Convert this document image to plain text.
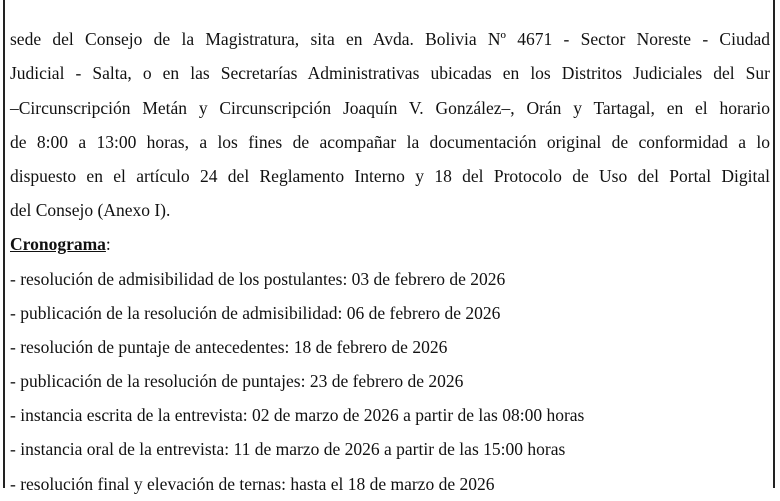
sede del Consejo de la Magistratura, sita en Avda. Bolivia Nº 4671 - Sector Noreste - Ciudad
Judicial - Salta, o en las Secretarías Administrativas ubicadas en los Distritos Judiciales del Sur
–Circunscripción Metán y Circunscripción Joaquín V. González–, Orán y Tartagal, en el horario
de 8:00 a 13:00 horas, a los fines de acompañar la documentación original de conformidad a lo
dispuesto en el artículo 24 del Reglamento Interno y 18 del Protocolo de Uso del Portal Digital
del Consejo (Anexo I).
Cronograma:
- resolución de admisibilidad de los postulantes: 03 de febrero de 2026
- publicación de la resolución de admisibilidad: 06 de febrero de 2026
- resolución de puntaje de antecedentes: 18 de febrero de 2026
- publicación de la resolución de puntajes: 23 de febrero de 2026
- instancia escrita de la entrevista: 02 de marzo de 2026 a partir de las 08:00 horas
- instancia oral de la entrevista: 11 de marzo de 2026 a partir de las 15:00 horas
- resolución final y elevación de ternas: hasta el 18 de marzo de 2026
